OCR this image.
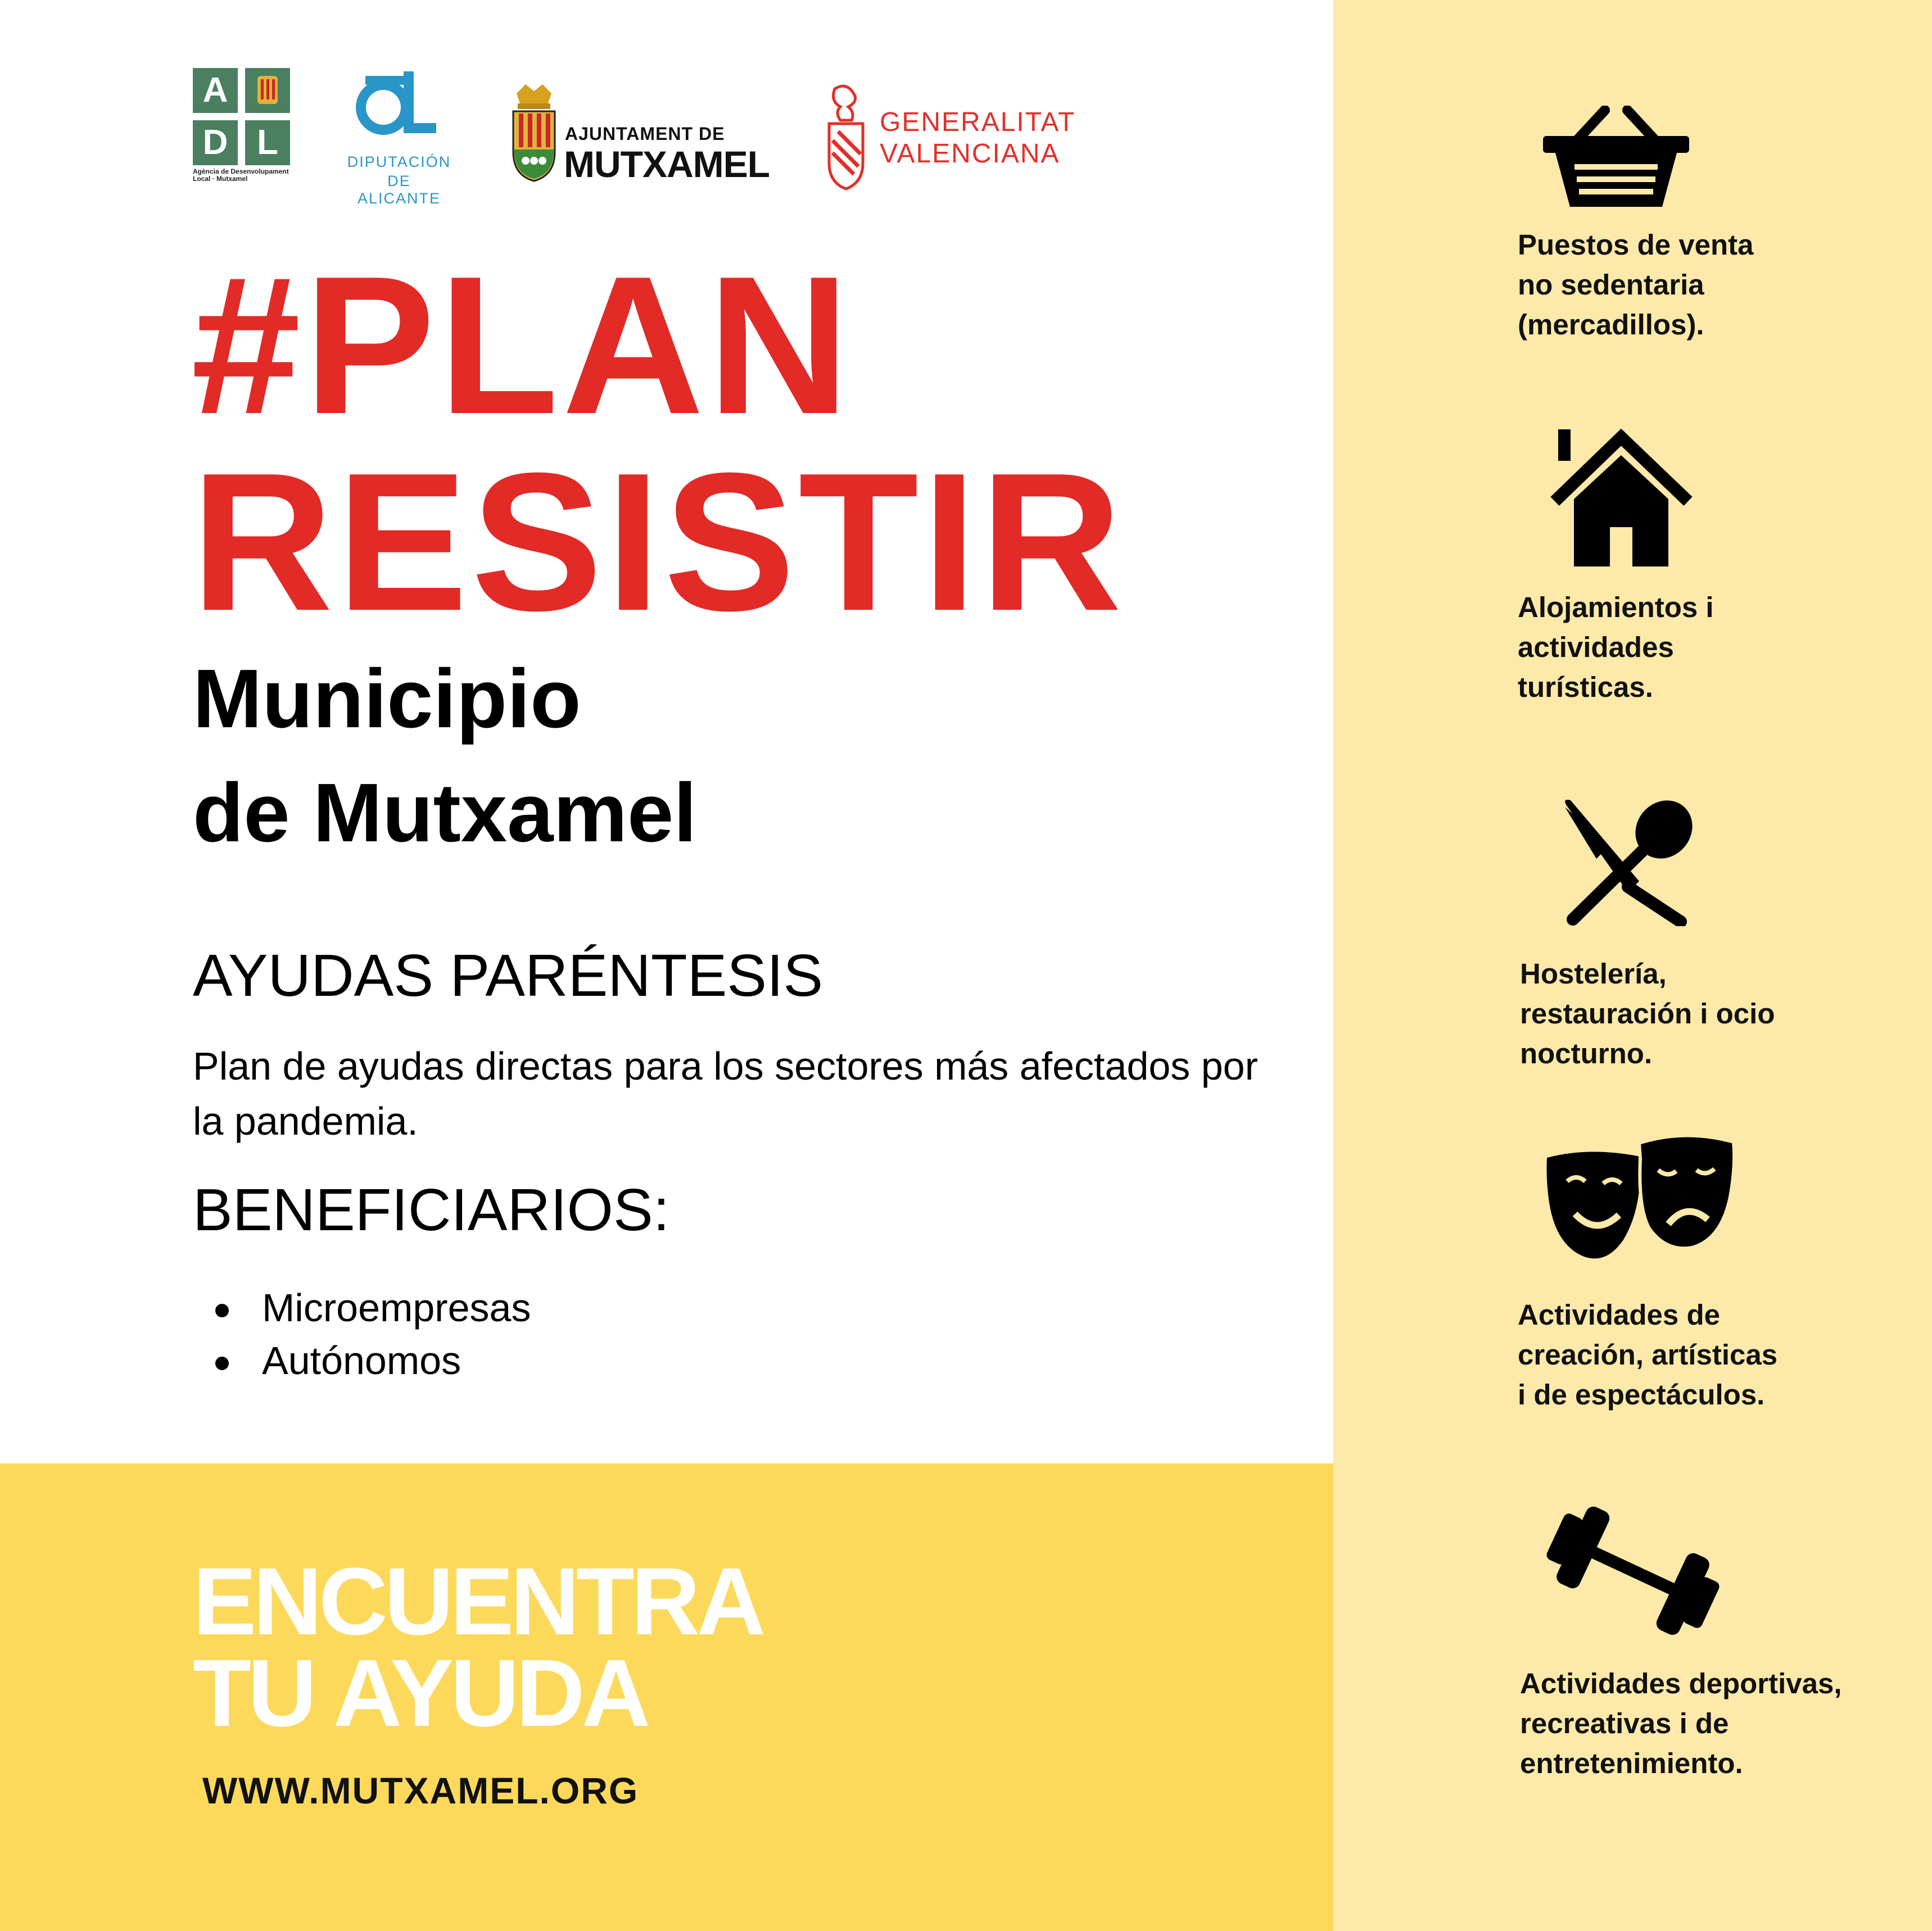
A
D L
Agència de Desenvolupament
Local · Mutxamel
DIPUTACIÓN
DE ALICANTE
AJUNTAMENT DE
MUTXAMEL
GENERALITAT
VALENCIANA
#PLAN
RESISTIR
Municipio
de Mutxamel
AYUDAS PARÉNTESIS
Plan de ayudas directas para los sectores más afectados por la pandemia.
BENEFICIARIOS:
Microempresas
Autónomos
ENCUENTRA
TU AYUDA
WWW.MUTXAMEL.ORG
Puestos de venta
no sedentaria
(mercadillos).
Alojamientos i
actividades
turísticas.
Hostelería,
restauración i ocio
nocturno.
Actividades de
creación, artísticas
i de espectáculos.
Actividades deportivas,
recreativas i de
entretenimiento.
